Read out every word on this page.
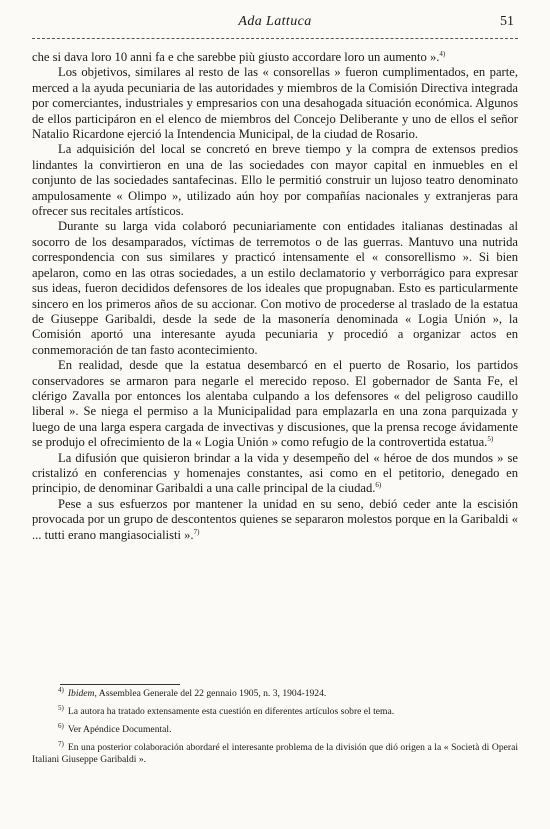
Ada Lattuca	51

che si dava loro 10 anni fa e che sarebbe più giusto accordare loro un aumento ».$^{4)}$

Los objetivos, similares al resto de las « consorellas » fueron cumplimentados, en parte, merced a la ayuda pecuniaria de las autoridades y miembros de la Comisión Directiva integrada por comerciantes, industriales y empresarios con una desahogada situación económica. Algunos de ellos participáron en el elenco de miembros del Concejo Deliberante y uno de ellos el señor Natalio Ricardone ejerció la Intendencia Municipal, de la ciudad de Rosario.

La adquisición del local se concretó en breve tiempo y la compra de extensos predios lindantes la convirtieron en una de las sociedades con mayor capital en inmuebles en el conjunto de las sociedades santafecinas. Ello le permitió construir un lujoso teatro denominato ampulosamente « Olimpo », utilizado aún hoy por compañías nacionales y extranjeras para ofrecer sus recitales artísticos.

Durante su larga vida colaboró pecuniariamente con entidades italianas destinadas al socorro de los desamparados, víctimas de terremotos o de las guerras. Mantuvo una nutrida correspondencia con sus similares y practicó intensamente el « consorellismo ». Si bien apelaron, como en las otras sociedades, a un estilo declamatorio y verborrágico para expresar sus ideas, fueron decididos defensores de los ideales que propugnaban. Esto es particularmente sincero en los primeros años de su accionar. Con motivo de procederse al traslado de la estatua de Giuseppe Garibaldi, desde la sede de la masonería denominada « Logia Unión », la Comisión aportó una interesante ayuda pecuniaria y procedió a organizar actos en conmemoración de tan fasto acontecimiento.

En realidad, desde que la estatua desembarcó en el puerto de Rosario, los partidos conservadores se armaron para negarle el merecido reposo. El gobernador de Santa Fe, el clérigo Zavalla por entonces los alentaba culpando a los defensores « del peligroso caudillo liberal ». Se niega el permiso a la Municipalidad para emplazarla en una zona parquizada y luego de una larga espera cargada de invectivas y discusiones, que la prensa recoge ávidamente se produjo el ofrecimiento de la « Logia Unión » como refugio de la controvertida estatua.$^{5)}$

La difusión que quisieron brindar a la vida y desempeño del « héroe de dos mundos » se cristalizó en conferencias y homenajes constantes, asi como en el petitorio, denegado en principio, de denominar Garibaldi a una calle principal de la ciudad.$^{6)}$

Pese a sus esfuerzos por mantener la unidad en su seno, debió ceder ante la escisión provocada por un grupo de descontentos quienes se separaron molestos porque en la Garibaldi « ... tutti erano mangiasocialisti ».$^{7)}$

$^{4)}$ Ibidem, Assemblea Generale del 22 gennaio 1905, n. 3, 1904-1924.

$^{5)}$ La autora ha tratado extensamente esta cuestión en diferentes artículos sobre el tema.

$^{6)}$ Ver Apéndice Documental.

$^{7)}$ En una posterior colaboración abordaré el interesante problema de la división que dió origen a la « Società di Operai Italiani Giuseppe Garibaldi ».
